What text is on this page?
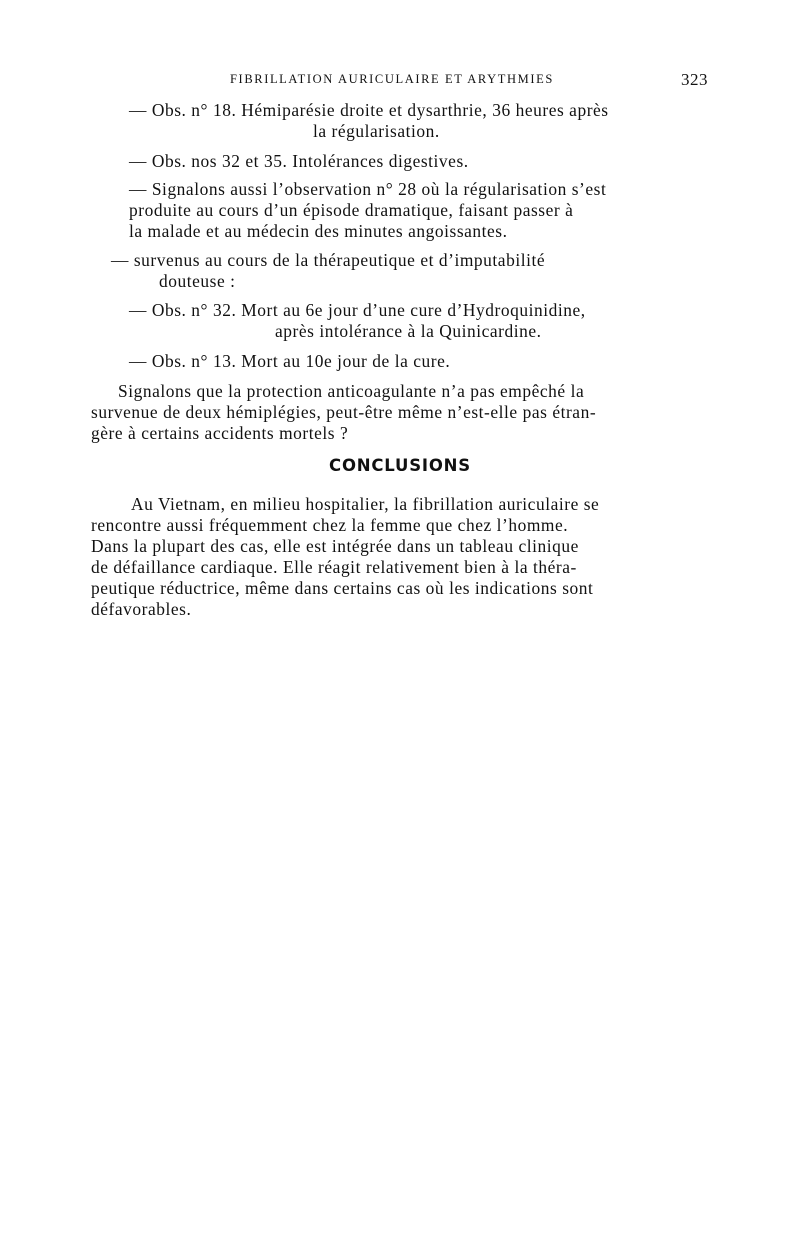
FIBRILLATION AURICULAIRE ET ARYTHMIES	323
— Obs. n° 18. Hémiparésie droite et dysarthrie, 36 heures après
la régularisation.
— Obs. nos 32 et 35. Intolérances digestives.
— Signalons aussi l’observation n° 28 où la régularisation s’est
produite au cours d’un épisode dramatique, faisant passer à
la malade et au médecin des minutes angoissantes.
— survenus au cours de la thérapeutique et d’imputabilité
douteuse :
— Obs. n° 32. Mort au 6e jour d’une cure d’Hydroquinidine,
après intolérance à la Quinicardine.
— Obs. n° 13. Mort au 10e jour de la cure.
Signalons que la protection anticoagulante n’a pas empêché la
survenue de deux hémiplégies, peut-être même n’est-elle pas étran-
gère à certains accidents mortels ?
CONCLUSIONS
Au Vietnam, en milieu hospitalier, la fibrillation auriculaire se
rencontre aussi fréquemment chez la femme que chez l’homme.
Dans la plupart des cas, elle est intégrée dans un tableau clinique
de défaillance cardiaque. Elle réagit relativement bien à la théra-
peutique réductrice, même dans certains cas où les indications sont
défavorables.
